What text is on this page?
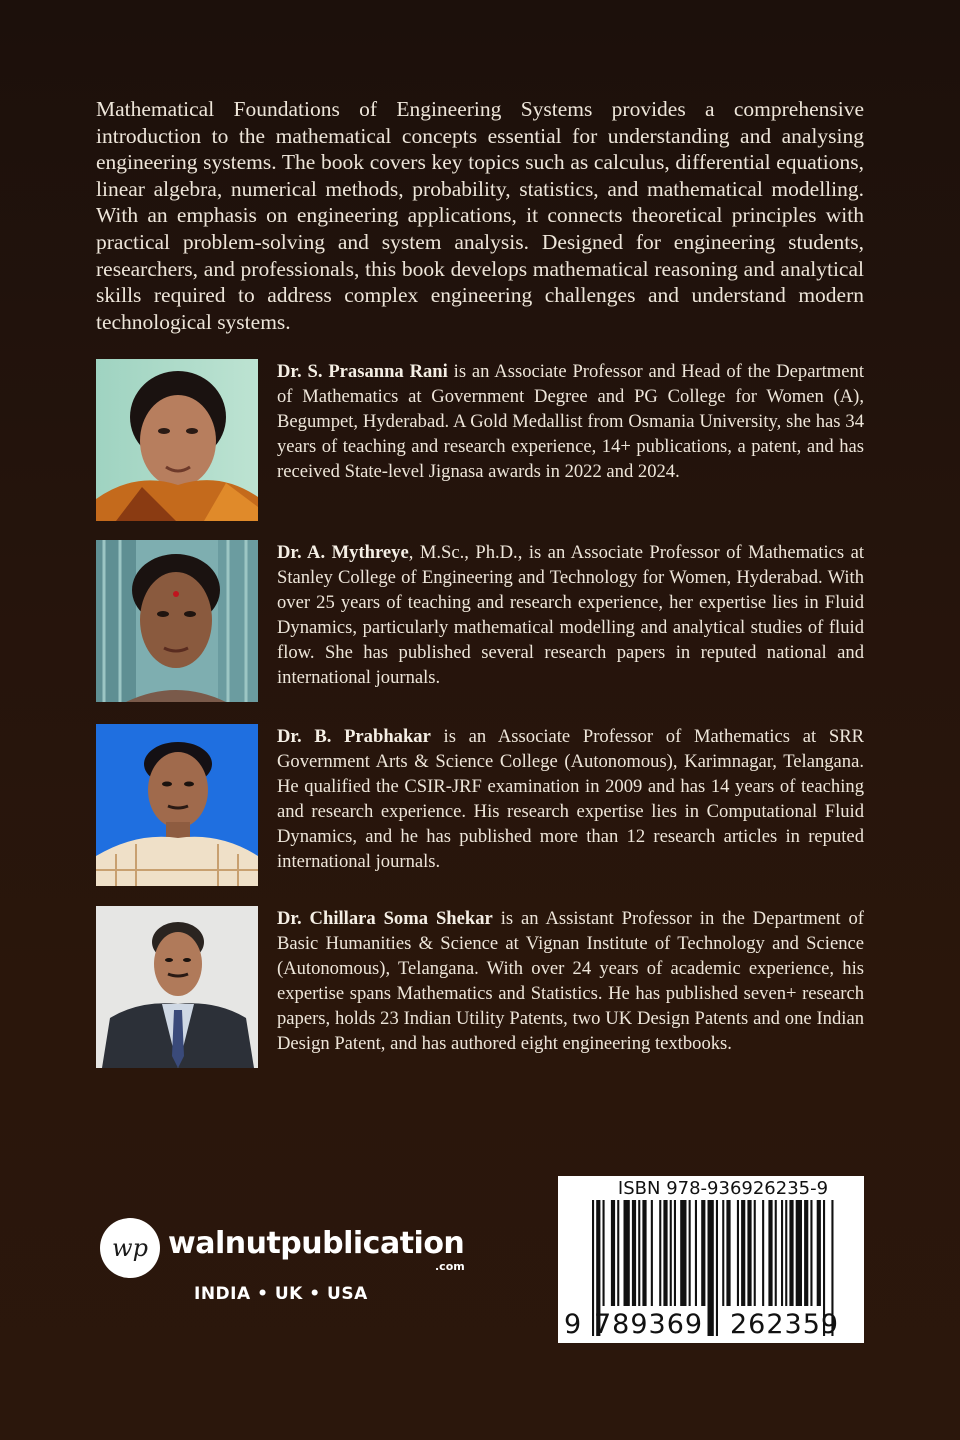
Mathematical Foundations of Engineering Systems provides a comprehensive introduction to the mathematical concepts essential for understanding and analysing engineering systems. The book covers key topics such as calculus, differential equations, linear algebra, numerical methods, probability, statistics, and mathematical modelling. With an emphasis on engineering applications, it connects theoretical principles with practical problem-solving and system analysis. Designed for engineering students, researchers, and professionals, this book develops mathematical reasoning and analytical skills required to address complex engineering challenges and understand modern technological systems.

Dr. S. Prasanna Rani is an Associate Professor and Head of the Department of Mathematics at Government Degree and PG College for Women (A), Begumpet, Hyderabad. A Gold Medallist from Osmania University, she has 34 years of teaching and research experience, 14+ publications, a patent, and has received State-level Jignasa awards in 2022 and 2024.

Dr. A. Mythreye, M.Sc., Ph.D., is an Associate Professor of Mathematics at Stanley College of Engineering and Technology for Women, Hyderabad. With over 25 years of teaching and research experience, her expertise lies in Fluid Dynamics, particularly mathematical modelling and analytical studies of fluid flow. She has published several research papers in reputed national and international journals.

Dr. B. Prabhakar is an Associate Professor of Mathematics at SRR Government Arts & Science College (Autonomous), Karimnagar, Telangana. He qualified the CSIR-JRF examination in 2009 and has 14 years of teaching and research experience. His research expertise lies in Computational Fluid Dynamics, and he has published more than 12 research articles in reputed international journals.

Dr. Chillara Soma Shekar is an Assistant Professor in the Department of Basic Humanities & Science at Vignan Institute of Technology and Science (Autonomous), Telangana. With over 24 years of academic experience, his expertise spans Mathematics and Statistics. He has published seven+ research papers, holds 23 Indian Utility Patents, two UK Design Patents and one Indian Design Patent, and has authored eight engineering textbooks.

wp walnutpublication
.com
INDIA • UK • USA
ISBN 978-936926235-9
9 789369 262359
